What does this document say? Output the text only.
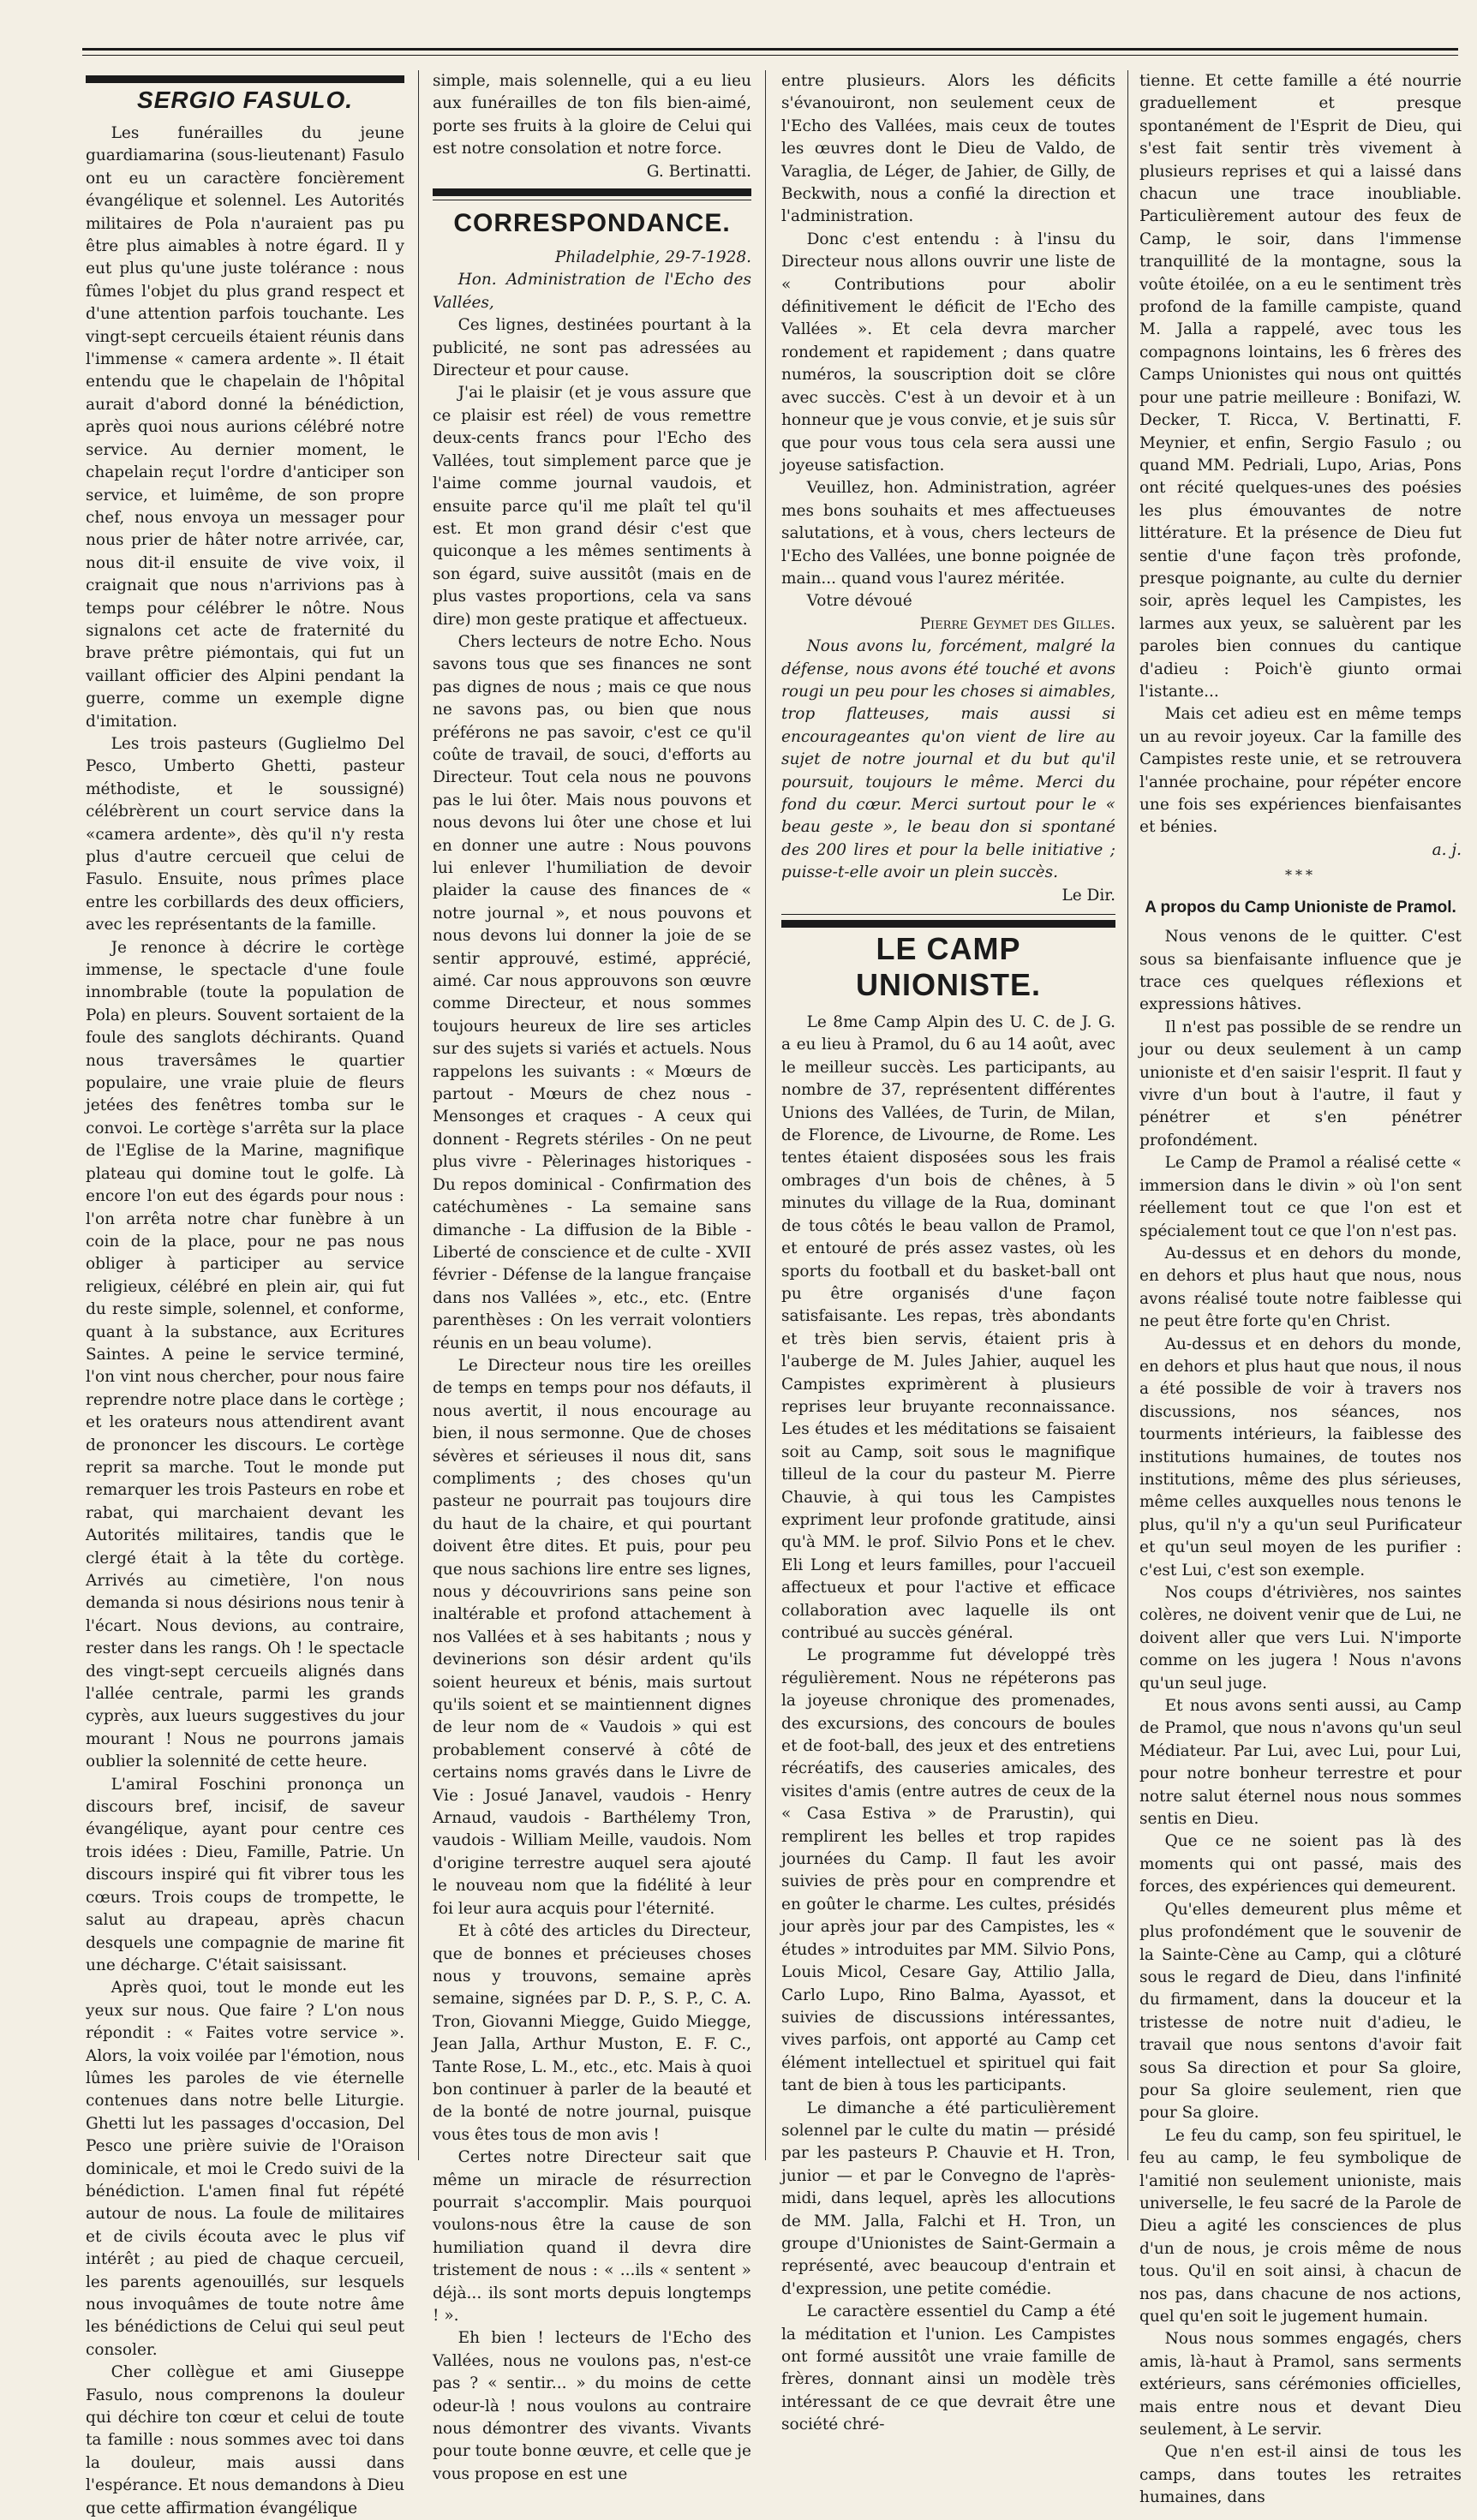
SERGIO FASULO.

Les funérailles du jeune guardiamarina (sous-lieutenant) Fasulo ont eu un caractère foncièrement évangélique et solennel. Les Autorités militaires de Pola n'auraient pas pu être plus aimables à notre égard. Il y eut plus qu'une juste tolérance : nous fûmes l'objet du plus grand respect et d'une attention parfois touchante. Les vingt-sept cercueils étaient réunis dans l'immense « camera ardente ». Il était entendu que le chapelain de l'hôpital aurait d'abord donné la bénédiction, après quoi nous aurions célébré notre service. Au dernier moment, le chapelain reçut l'ordre d'anticiper son service, et luimême, de son propre chef, nous envoya un messager pour nous prier de hâter notre arrivée, car, nous dit-il ensuite de vive voix, il craignait que nous n'arrivions pas à temps pour célébrer le nôtre. Nous signalons cet acte de fraternité du brave prêtre piémontais, qui fut un vaillant officier des Alpini pendant la guerre, comme un exemple digne d'imitation.

Les trois pasteurs (Guglielmo Del Pesco, Umberto Ghetti, pasteur méthodiste, et le soussigné) célébrèrent un court service dans la «camera ardente», dès qu'il n'y resta plus d'autre cercueil que celui de Fasulo. Ensuite, nous prîmes place entre les corbillards des deux officiers, avec les représentants de la famille.

Je renonce à décrire le cortège immense, le spectacle d'une foule innombrable (toute la population de Pola) en pleurs. Souvent sortaient de la foule des sanglots déchirants. Quand nous traversâmes le quartier populaire, une vraie pluie de fleurs jetées des fenêtres tomba sur le convoi. Le cortège s'arrêta sur la place de l'Eglise de la Marine, magnifique plateau qui domine tout le golfe. Là encore l'on eut des égards pour nous : l'on arrêta notre char funèbre à un coin de la place, pour ne pas nous obliger à participer au service religieux, célébré en plein air, qui fut du reste simple, solennel, et conforme, quant à la substance, aux Ecritures Saintes. A peine le service terminé, l'on vint nous chercher, pour nous faire reprendre notre place dans le cortège ; et les orateurs nous attendirent avant de prononcer les discours. Le cortège reprit sa marche. Tout le monde put remarquer les trois Pasteurs en robe et rabat, qui marchaient devant les Autorités militaires, tandis que le clergé était à la tête du cortège. Arrivés au cimetière, l'on nous demanda si nous désirions nous tenir à l'écart. Nous devions, au contraire, rester dans les rangs. Oh ! le spectacle des vingt-sept cercueils alignés dans l'allée centrale, parmi les grands cyprès, aux lueurs suggestives du jour mourant ! Nous ne pourrons jamais oublier la solennité de cette heure.

L'amiral Foschini prononça un discours bref, incisif, de saveur évangélique, ayant pour centre ces trois idées : Dieu, Famille, Patrie. Un discours inspiré qui fit vibrer tous les cœurs. Trois coups de trompette, le salut au drapeau, après chacun desquels une compagnie de marine fit une décharge. C'était saisissant.

Après quoi, tout le monde eut les yeux sur nous. Que faire ? L'on nous répondit : « Faites votre service ». Alors, la voix voilée par l'émotion, nous lûmes les paroles de vie éternelle contenues dans notre belle Liturgie. Ghetti lut les passages d'occasion, Del Pesco une prière suivie de l'Oraison dominicale, et moi le Credo suivi de la bénédiction. L'amen final fut répété autour de nous. La foule de militaires et de civils écouta avec le plus vif intérêt ; au pied de chaque cercueil, les parents agenouillés, sur lesquels nous invoquâmes de toute notre âme les bénédictions de Celui qui seul peut consoler.

Cher collègue et ami Giuseppe Fasulo, nous comprenons la douleur qui déchire ton cœur et celui de toute ta famille : nous sommes avec toi dans la douleur, mais aussi dans l'espérance. Et nous demandons à Dieu que cette affirmation évangélique

simple, mais solennelle, qui a eu lieu aux funérailles de ton fils bien-aimé, porte ses fruits à la gloire de Celui qui est notre consolation et notre force.

G. Bertinatti.

CORRESPONDANCE.

Philadelphie, 29-7-1928.

Hon. Administration de l'Echo des Vallées,

Ces lignes, destinées pourtant à la publicité, ne sont pas adressées au Directeur et pour cause.

J'ai le plaisir (et je vous assure que ce plaisir est réel) de vous remettre deux-cents francs pour l'Echo des Vallées, tout simplement parce que je l'aime comme journal vaudois, et ensuite parce qu'il me plaît tel qu'il est. Et mon grand désir c'est que quiconque a les mêmes sentiments à son égard, suive aussitôt (mais en de plus vastes proportions, cela va sans dire) mon geste pratique et affectueux.

Chers lecteurs de notre Echo. Nous savons tous que ses finances ne sont pas dignes de nous ; mais ce que nous ne savons pas, ou bien que nous préférons ne pas savoir, c'est ce qu'il coûte de travail, de souci, d'efforts au Directeur. Tout cela nous ne pouvons pas le lui ôter. Mais nous pouvons et nous devons lui ôter une chose et lui en donner une autre : Nous pouvons lui enlever l'humiliation de devoir plaider la cause des finances de « notre journal », et nous pouvons et nous devons lui donner la joie de se sentir approuvé, estimé, apprécié, aimé. Car nous approuvons son œuvre comme Directeur, et nous sommes toujours heureux de lire ses articles sur des sujets si variés et actuels. Nous rappelons les suivants : « Mœurs de partout - Mœurs de chez nous - Mensonges et craques - A ceux qui donnent - Regrets stériles - On ne peut plus vivre - Pèlerinages historiques - Du repos dominical - Confirmation des catéchumènes - La semaine sans dimanche - La diffusion de la Bible - Liberté de conscience et de culte - XVII février - Défense de la langue française dans nos Vallées », etc., etc. (Entre parenthèses : On les verrait volontiers réunis en un beau volume).

Le Directeur nous tire les oreilles de temps en temps pour nos défauts, il nous avertit, il nous encourage au bien, il nous sermonne. Que de choses sévères et sérieuses il nous dit, sans compliments ; des choses qu'un pasteur ne pourrait pas toujours dire du haut de la chaire, et qui pourtant doivent être dites. Et puis, pour peu que nous sachions lire entre ses lignes, nous y découvririons sans peine son inaltérable et profond attachement à nos Vallées et à ses habitants ; nous y devinerions son désir ardent qu'ils soient heureux et bénis, mais surtout qu'ils soient et se maintiennent dignes de leur nom de « Vaudois » qui est probablement conservé à côté de certains noms gravés dans le Livre de Vie : Josué Janavel, vaudois - Henry Arnaud, vaudois - Barthélemy Tron, vaudois - William Meille, vaudois. Nom d'origine terrestre auquel sera ajouté le nouveau nom que la fidélité à leur foi leur aura acquis pour l'éternité.

Et à côté des articles du Directeur, que de bonnes et précieuses choses nous y trouvons, semaine après semaine, signées par D. P., S. P., C. A. Tron, Giovanni Miegge, Guido Miegge, Jean Jalla, Arthur Muston, E. F. C., Tante Rose, L. M., etc., etc. Mais à quoi bon continuer à parler de la beauté et de la bonté de notre journal, puisque vous êtes tous de mon avis !

Certes notre Directeur sait que même un miracle de résurrection pourrait s'accomplir. Mais pourquoi voulons-nous être la cause de son humiliation quand il devra dire tristement de nous : « ...ils « sentent » déjà... ils sont morts depuis longtemps ! ».

Eh bien ! lecteurs de l'Echo des Vallées, nous ne voulons pas, n'est-ce pas ? « sentir... » du moins de cette odeur-là ! nous voulons au contraire nous démontrer des vivants. Vivants pour toute bonne œuvre, et celle que je vous propose en est une

entre plusieurs. Alors les déficits s'évanouiront, non seulement ceux de l'Echo des Vallées, mais ceux de toutes les œuvres dont le Dieu de Valdo, de Varaglia, de Léger, de Jahier, de Gilly, de Beckwith, nous a confié la direction et l'administration.

Donc c'est entendu : à l'insu du Directeur nous allons ouvrir une liste de « Contributions pour abolir définitivement le déficit de l'Echo des Vallées ». Et cela devra marcher rondement et rapidement ; dans quatre numéros, la souscription doit se clôre avec succès. C'est à un devoir et à un honneur que je vous convie, et je suis sûr que pour vous tous cela sera aussi une joyeuse satisfaction.

Veuillez, hon. Administration, agréer mes bons souhaits et mes affectueuses salutations, et à vous, chers lecteurs de l'Echo des Vallées, une bonne poignée de main... quand vous l'aurez méritée.

Votre dévoué

Pierre Geymet des Gilles.

Nous avons lu, forcément, malgré la défense, nous avons été touché et avons rougi un peu pour les choses si aimables, trop flatteuses, mais aussi si encourageantes qu'on vient de lire au sujet de notre journal et du but qu'il poursuit, toujours le même. Merci du fond du cœur. Merci surtout pour le « beau geste », le beau don si spontané des 200 lires et pour la belle initiative ; puisse-t-elle avoir un plein succès.

Le Dir.

LE CAMP UNIONISTE.

Le 8me Camp Alpin des U. C. de J. G. a eu lieu à Pramol, du 6 au 14 août, avec le meilleur succès. Les participants, au nombre de 37, représentent différentes Unions des Vallées, de Turin, de Milan, de Florence, de Livourne, de Rome. Les tentes étaient disposées sous les frais ombrages d'un bois de chênes, à 5 minutes du village de la Rua, dominant de tous côtés le beau vallon de Pramol, et entouré de prés assez vastes, où les sports du football et du basket-ball ont pu être organisés d'une façon satisfaisante. Les repas, très abondants et très bien servis, étaient pris à l'auberge de M. Jules Jahier, auquel les Campistes exprimèrent à plusieurs reprises leur bruyante reconnaissance. Les études et les méditations se faisaient soit au Camp, soit sous le magnifique tilleul de la cour du pasteur M. Pierre Chauvie, à qui tous les Campistes expriment leur profonde gratitude, ainsi qu'à MM. le prof. Silvio Pons et le chev. Eli Long et leurs familles, pour l'accueil affectueux et pour l'active et efficace collaboration avec laquelle ils ont contribué au succès général.

Le programme fut développé très régulièrement. Nous ne répéterons pas la joyeuse chronique des promenades, des excursions, des concours de boules et de foot-ball, des jeux et des entretiens récréatifs, des causeries amicales, des visites d'amis (entre autres de ceux de la « Casa Estiva » de Prarustin), qui remplirent les belles et trop rapides journées du Camp. Il faut les avoir suivies de près pour en comprendre et en goûter le charme. Les cultes, présidés jour après jour par des Campistes, les « études » introduites par MM. Silvio Pons, Louis Micol, Cesare Gay, Attilio Jalla, Carlo Lupo, Rino Balma, Ayassot, et suivies de discussions intéressantes, vives parfois, ont apporté au Camp cet élément intellectuel et spirituel qui fait tant de bien à tous les participants.

Le dimanche a été particulièrement solennel par le culte du matin — présidé par les pasteurs P. Chauvie et H. Tron, junior — et par le Convegno de l'après-midi, dans lequel, après les allocutions de MM. Jalla, Falchi et H. Tron, un groupe d'Unionistes de Saint-Germain a représenté, avec beaucoup d'entrain et d'expression, une petite comédie.

Le caractère essentiel du Camp a été la méditation et l'union. Les Campistes ont formé aussitôt une vraie famille de frères, donnant ainsi un modèle très intéressant de ce que devrait être une société chré-

tienne. Et cette famille a été nourrie graduellement et presque spontanément de l'Esprit de Dieu, qui s'est fait sentir très vivement à plusieurs reprises et qui a laissé dans chacun une trace inoubliable. Particulièrement autour des feux de Camp, le soir, dans l'immense tranquillité de la montagne, sous la voûte étoilée, on a eu le sentiment très profond de la famille campiste, quand M. Jalla a rappelé, avec tous les compagnons lointains, les 6 frères des Camps Unionistes qui nous ont quittés pour une patrie meilleure : Bonifazi, W. Decker, T. Ricca, V. Bertinatti, F. Meynier, et enfin, Sergio Fasulo ; ou quand MM. Pedriali, Lupo, Arias, Pons ont récité quelques-unes des poésies les plus émouvantes de notre littérature. Et la présence de Dieu fut sentie d'une façon très profonde, presque poignante, au culte du dernier soir, après lequel les Campistes, les larmes aux yeux, se saluèrent par les paroles bien connues du cantique d'adieu : Poich'è giunto ormai l'istante...

Mais cet adieu est en même temps un au revoir joyeux. Car la famille des Campistes reste unie, et se retrouvera l'année prochaine, pour répéter encore une fois ses expériences bienfaisantes et bénies.

a. j.

***
A propos du Camp Unioniste de Pramol.

Nous venons de le quitter. C'est sous sa bienfaisante influence que je trace ces quelques réflexions et expressions hâtives.

Il n'est pas possible de se rendre un jour ou deux seulement à un camp unioniste et d'en saisir l'esprit. Il faut y vivre d'un bout à l'autre, il faut y pénétrer et s'en pénétrer profondément.

Le Camp de Pramol a réalisé cette « immersion dans le divin » où l'on sent réellement tout ce que l'on est et spécialement tout ce que l'on n'est pas.

Au-dessus et en dehors du monde, en dehors et plus haut que nous, nous avons réalisé toute notre faiblesse qui ne peut être forte qu'en Christ.

Au-dessus et en dehors du monde, en dehors et plus haut que nous, il nous a été possible de voir à travers nos discussions, nos séances, nos tourments intérieurs, la faiblesse des institutions humaines, de toutes nos institutions, même des plus sérieuses, même celles auxquelles nous tenons le plus, qu'il n'y a qu'un seul Purificateur et qu'un seul moyen de les purifier : c'est Lui, c'est son exemple.

Nos coups d'étrivières, nos saintes colères, ne doivent venir que de Lui, ne doivent aller que vers Lui. N'importe comme on les jugera ! Nous n'avons qu'un seul juge.

Et nous avons senti aussi, au Camp de Pramol, que nous n'avons qu'un seul Médiateur. Par Lui, avec Lui, pour Lui, pour notre bonheur terrestre et pour notre salut éternel nous nous sommes sentis en Dieu.

Que ce ne soient pas là des moments qui ont passé, mais des forces, des expériences qui demeurent.

Qu'elles demeurent plus même et plus profondément que le souvenir de la Sainte-Cène au Camp, qui a clôturé sous le regard de Dieu, dans l'infinité du firmament, dans la douceur et la tristesse de notre nuit d'adieu, le travail que nous sentons d'avoir fait sous Sa direction et pour Sa gloire, pour Sa gloire seulement, rien que pour Sa gloire.

Le feu du camp, son feu spirituel, le feu au camp, le feu symbolique de l'amitié non seulement unioniste, mais universelle, le feu sacré de la Parole de Dieu a agité les consciences de plus d'un de nous, je crois même de nous tous. Qu'il en soit ainsi, à chacun de nos pas, dans chacune de nos actions, quel qu'en soit le jugement humain.

Nous nous sommes engagés, chers amis, là-haut à Pramol, sans serments extérieurs, sans cérémonies officielles, mais entre nous et devant Dieu seulement, à Le servir.

Que n'en est-il ainsi de tous les camps, dans toutes les retraites humaines, dans
